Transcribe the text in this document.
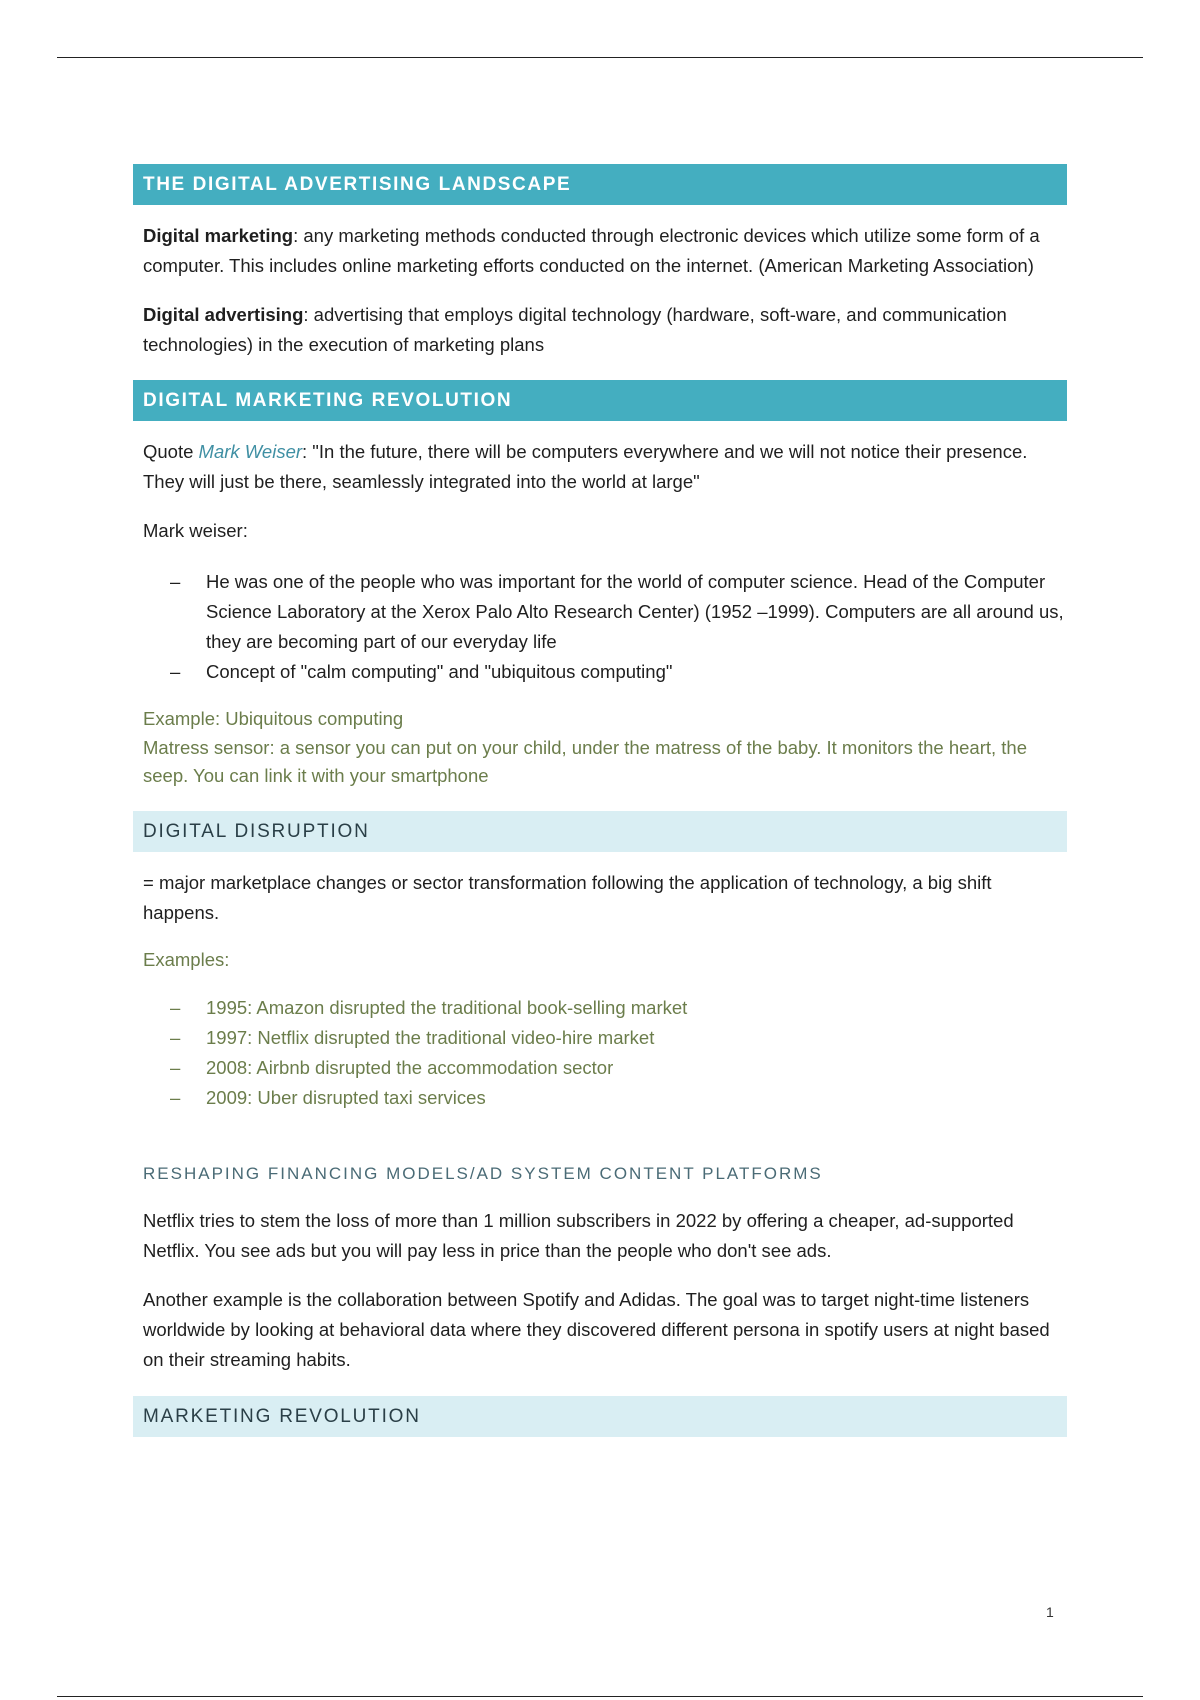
THE DIGITAL ADVERTISING LANDSCAPE

Digital marketing: any marketing methods conducted through electronic devices which utilize some form of a computer. This includes online marketing efforts conducted on the internet. (American Marketing Association)

Digital advertising: advertising that employs digital technology (hardware, soft-ware, and communication technologies) in the execution of marketing plans

DIGITAL MARKETING REVOLUTION

Quote Mark Weiser: "In the future, there will be computers everywhere and we will not notice their presence. They will just be there, seamlessly integrated into the world at large"

Mark weiser:

– He was one of the people who was important for the world of computer science. Head of the Computer Science Laboratory at the Xerox Palo Alto Research Center) (1952 –1999). Computers are all around us, they are becoming part of our everyday life
– Concept of "calm computing" and "ubiquitous computing"

Example: Ubiquitous computing

Matress sensor: a sensor you can put on your child, under the matress of the baby. It monitors the heart, the seep. You can link it with your smartphone

DIGITAL DISRUPTION

= major marketplace changes or sector transformation following the application of technology, a big shift happens.

Examples:

– 1995: Amazon disrupted the traditional book-selling market
– 1997: Netflix disrupted the traditional video-hire market
– 2008: Airbnb disrupted the accommodation sector
– 2009: Uber disrupted taxi services
RESHAPING FINANCING MODELS/AD SYSTEM CONTENT PLATFORMS

Netflix tries to stem the loss of more than 1 million subscribers in 2022 by offering a cheaper, ad-supported Netflix. You see ads but you will pay less in price than the people who don't see ads.

Another example is the collaboration between Spotify and Adidas. The goal was to target night-time listeners worldwide by looking at behavioral data where they discovered different persona in spotify users at night based on their streaming habits.

MARKETING REVOLUTION
1
